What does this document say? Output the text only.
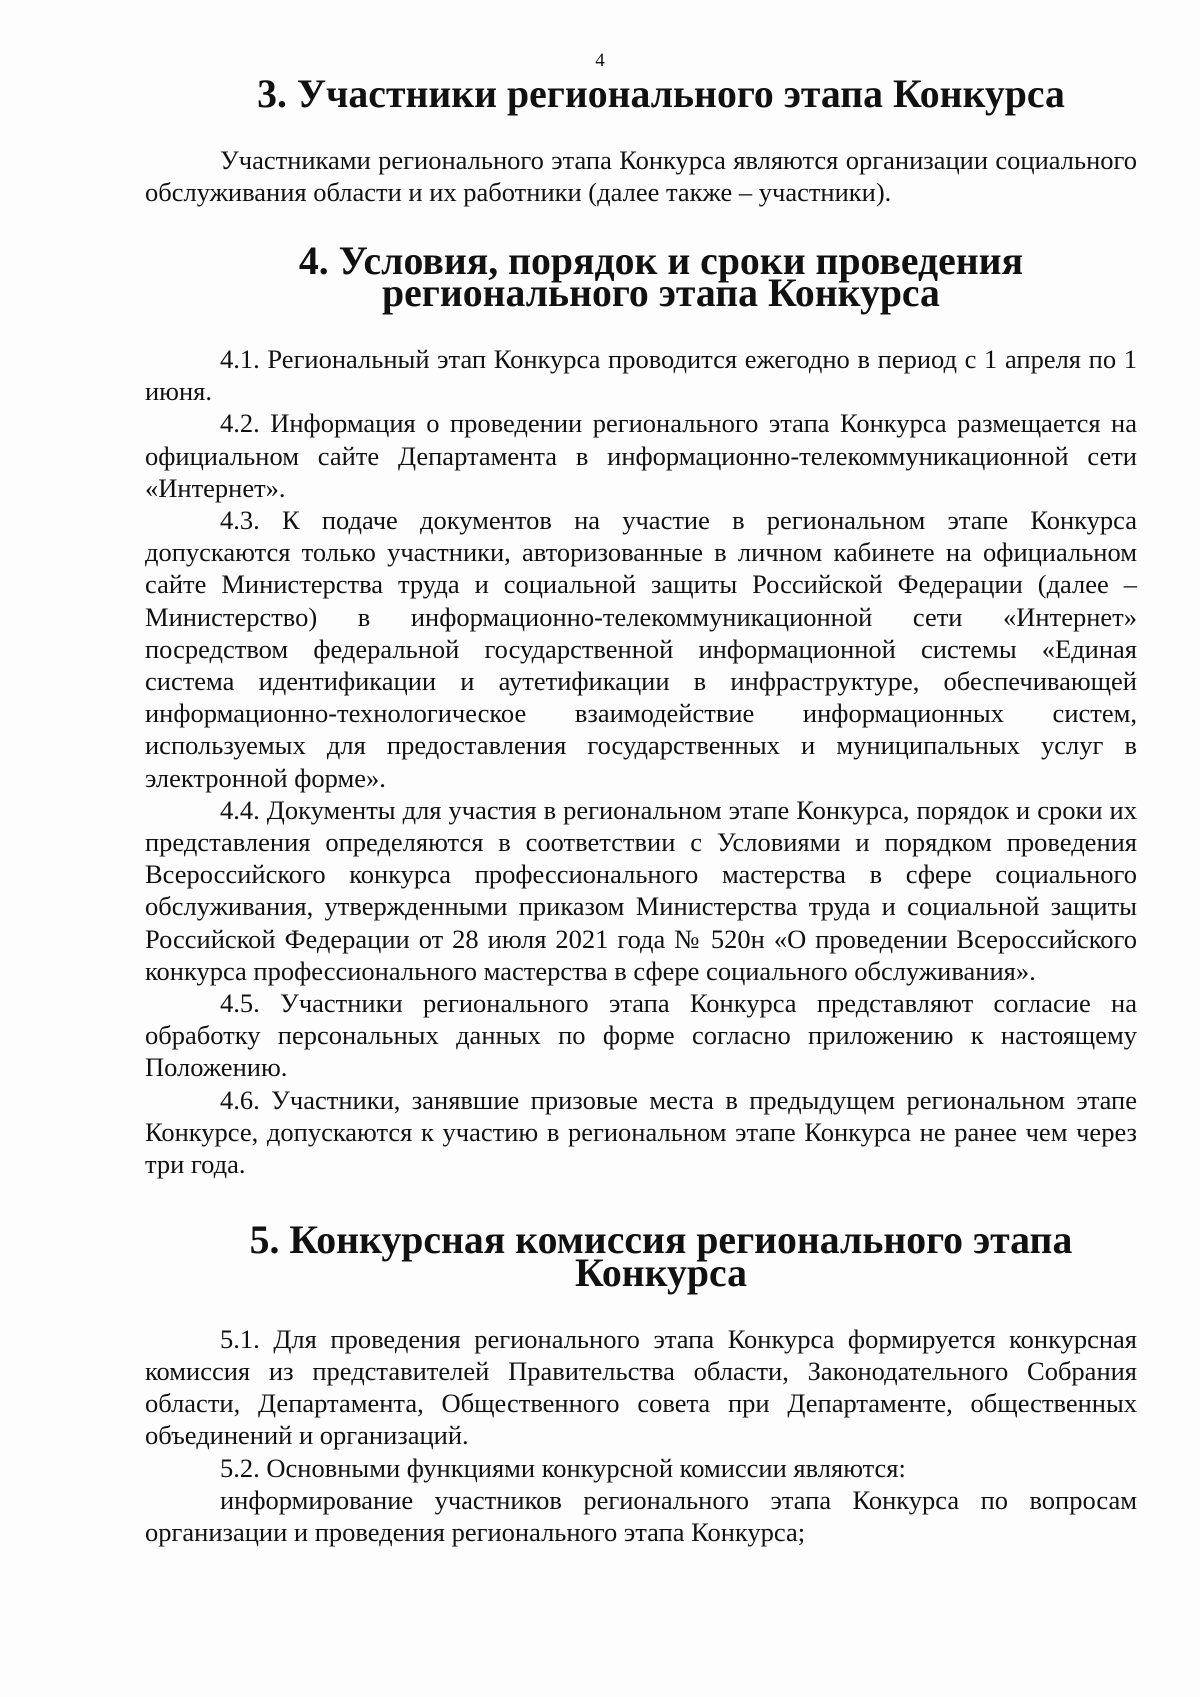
4
3. Участники регионального этапа Конкурса

Участниками регионального этапа Конкурса являются организации социального обслуживания области и их работники (далее также – участники).

4. Условия, порядок и сроки проведения
регионального этапа Конкурса

4.1. Региональный этап Конкурса проводится ежегодно в период с 1 апреля по 1 июня.

4.2. Информация о проведении регионального этапа Конкурса размещается на официальном сайте Департамента в информационно-телекоммуникационной сети «Интернет».

4.3. К подаче документов на участие в региональном этапе Конкурса допускаются только участники, авторизованные в личном кабинете на официальном сайте Министерства труда и социальной защиты Российской Федерации (далее – Министерство) в информационно-телекоммуникационной сети «Интернет» посредством федеральной государственной информационной системы «Единая система идентификации и аутетификации в инфраструктуре, обеспечивающей информационно-технологическое взаимодействие информационных систем, используемых для предоставления государственных и муниципальных услуг в электронной форме».

4.4. Документы для участия в региональном этапе Конкурса, порядок и сроки их представления определяются в соответствии с Условиями и порядком проведения Всероссийского конкурса профессионального мастерства в сфере социального обслуживания, утвержденными приказом Министерства труда и социальной защиты Российской Федерации от 28 июля 2021 года № 520н «О проведении Всероссийского конкурса профессионального мастерства в сфере социального обслуживания».

4.5. Участники регионального этапа Конкурса представляют согласие на обработку персональных данных по форме согласно приложению к настоящему Положению.

4.6. Участники, занявшие призовые места в предыдущем региональном этапе Конкурсе, допускаются к участию в региональном этапе Конкурса не ранее чем через три года.

5. Конкурсная комиссия регионального этапа Конкурса

5.1. Для проведения регионального этапа Конкурса формируется конкурсная комиссия из представителей Правительства области, Законодательного Собрания области, Департамента, Общественного совета при Департаменте, общественных объединений и организаций.

5.2. Основными функциями конкурсной комиссии являются:

информирование участников регионального этапа Конкурса по вопросам организации и проведения регионального этапа Конкурса;
